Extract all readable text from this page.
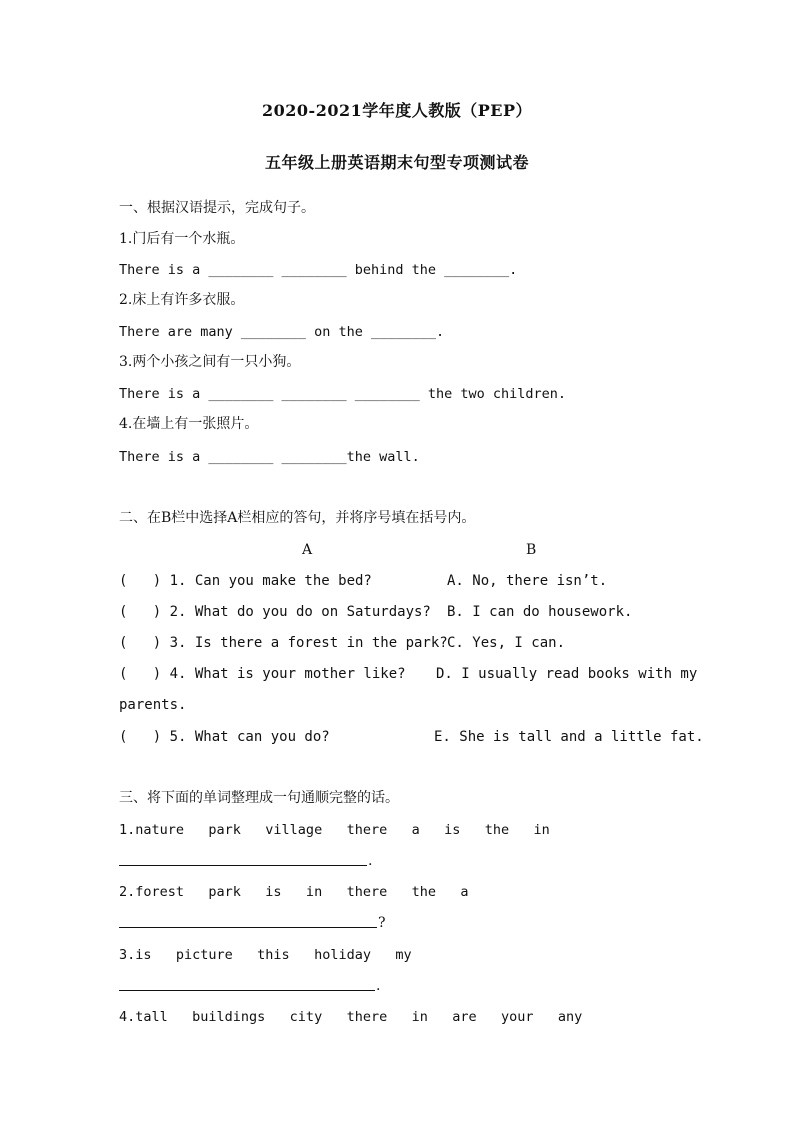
2020-2021学年度人教版（PEP）
五年级上册英语期末句型专项测试卷
一、根据汉语提示，完成句子。
1.门后有一个水瓶。
There is a ________ ________ behind the ________.
2.床上有许多衣服。
There are many ________ on the ________.
3.两个小孩之间有一只小狗。
There is a ________ ________ ________ the two children.
4.在墙上有一张照片。
There is a ________ ________the wall.
二、在B栏中选择A栏相应的答句，并将序号填在括号内。
A	B
(   ) 1. Can you make the bed?	A. No, there isn’t.
(   ) 2. What do you do on Saturdays? B. I can do housework.
(   ) 3. Is there a forest in the park? C. Yes, I can.
(   ) 4. What is your mother like? D. I usually read books with my
parents.
(   ) 5. What can you do?	E. She is tall and a little fat.
三、将下面的单词整理成一句通顺完整的话。
1.nature   park   village   there   a   is   the   in
.
2.forest   park   is   in   there   the   a
?
3.is   picture   this   holiday   my
.
4.tall   buildings   city   there   in   are   your   any
